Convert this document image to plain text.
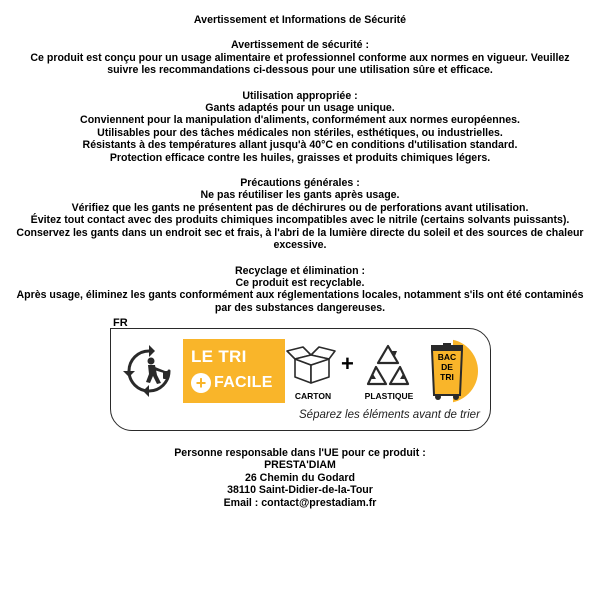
Avertissement et Informations de Sécurité

Avertissement de sécurité :

Ce produit est conçu pour un usage alimentaire et professionnel conforme aux normes en vigueur. Veuillez

suivre les recommandations ci-dessous pour une utilisation sûre et efficace.

Utilisation appropriée :

Gants adaptés pour un usage unique.

Conviennent pour la manipulation d'aliments, conformément aux normes européennes.

Utilisables pour des tâches médicales non stériles, esthétiques, ou industrielles.

Résistants à des températures allant jusqu'à 40°C en conditions d'utilisation standard.

Protection efficace contre les huiles, graisses et produits chimiques légers.

Précautions générales :

Ne pas réutiliser les gants après usage.

Vérifiez que les gants ne présentent pas de déchirures ou de perforations avant utilisation.

Évitez tout contact avec des produits chimiques incompatibles avec le nitrile (certains solvants puissants).

Conservez les gants dans un endroit sec et frais, à l'abri de la lumière directe du soleil et des sources de chaleur

excessive.

Recyclage et élimination :

Ce produit est recyclable.

Après usage, éliminez les gants conformément aux réglementations locales, notamment s'ils ont été contaminés

par des substances dangereuses.

FR
LE TRI
+ FACILE
CARTON
+
PLASTIQUE
BAC
DE
TRI
Séparez les éléments avant de trier

Personne responsable dans l'UE pour ce produit :

PRESTA'DIAM

26 Chemin du Godard

38110 Saint-Didier-de-la-Tour

Email : contact@prestadiam.fr
